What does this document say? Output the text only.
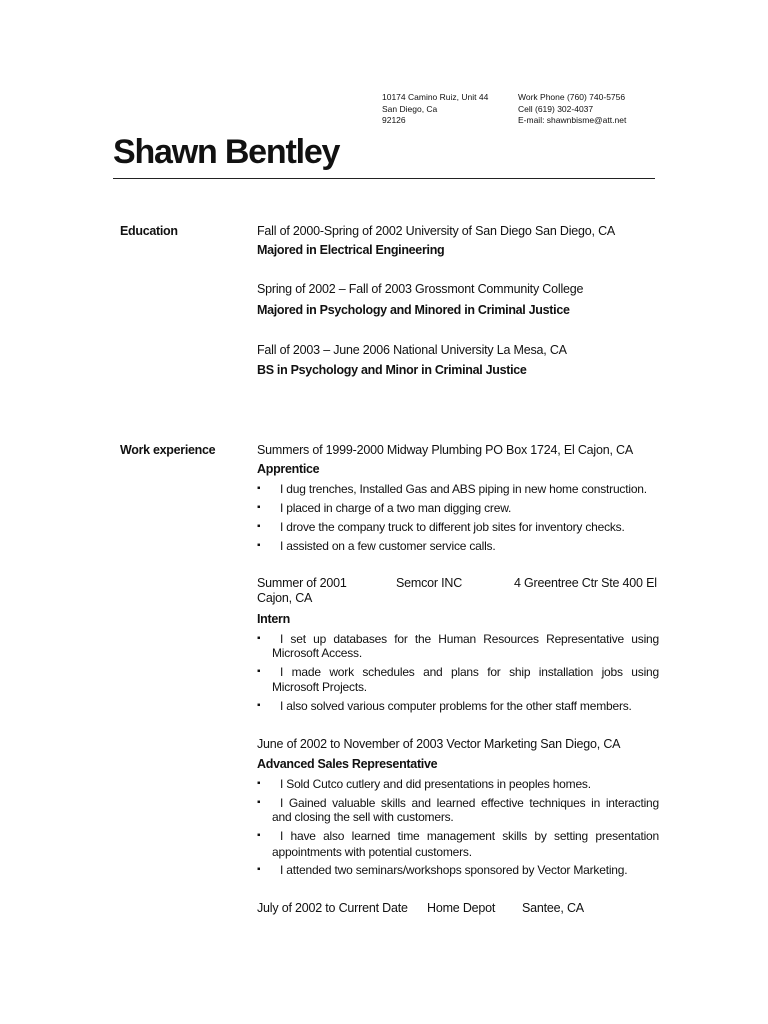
10174 Camino Ruiz, Unit 44
San Diego, Ca
92126
Work Phone (760) 740-5756
Cell (619) 302-4037
E-mail: shawnbisme@att.net
Shawn Bentley
Education	Fall of 2000-Spring of 2002 University of San Diego San Diego, CA
Majored in Electrical Engineering
Spring of 2002 – Fall of 2003 Grossmont Community College
Majored in Psychology and Minored in Criminal Justice
Fall of 2003 – June 2006 National University La Mesa, CA
BS in Psychology and Minor in Criminal Justice
Work experience	Summers of 1999-2000 Midway Plumbing PO Box 1724, El Cajon, CA
Apprentice
▪ I dug trenches, Installed Gas and ABS piping in new home construction.
▪ I placed in charge of a two man digging crew.
▪ I drove the company truck to different job sites for inventory checks.
▪ I assisted on a few customer service calls.
Summer of 2001	Semcor INC	4 Greentree Ctr Ste 400 El
Cajon, CA
Intern
▪ I set up databases for the Human Resources Representative using
Microsoft Access.
▪ I made work schedules and plans for ship installation jobs using
Microsoft Projects.
▪ I also solved various computer problems for the other staff members.
June of 2002 to November of 2003 Vector Marketing San Diego, CA
Advanced Sales Representative
▪ I Sold Cutco cutlery and did presentations in peoples homes.
▪ I Gained valuable skills and learned effective techniques in interacting
and closing the sell with customers.
▪ I have also learned time management skills by setting presentation
appointments with potential customers.
▪ I attended two seminars/workshops sponsored by Vector Marketing.
July of 2002 to Current Date Home Depot Santee, CA
